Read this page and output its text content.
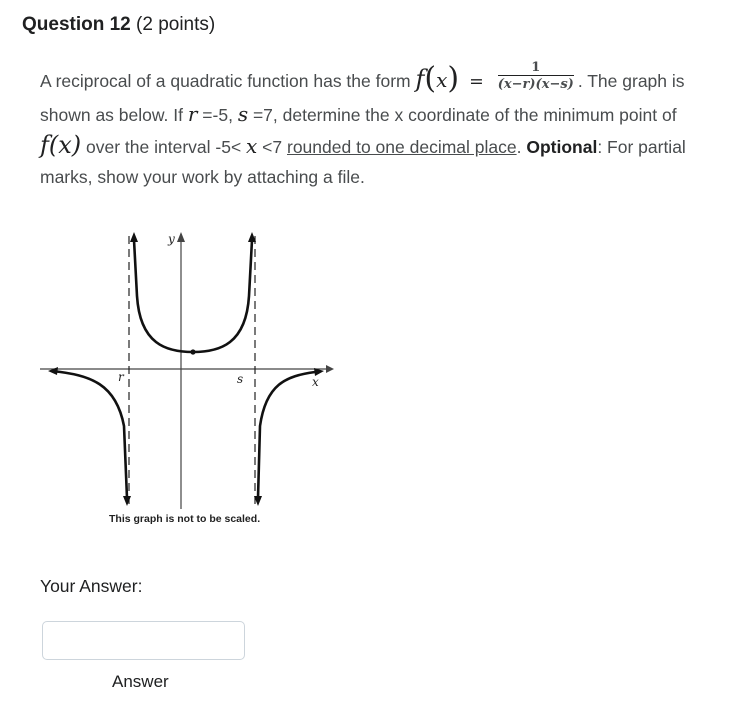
Question 12 (2 points)
A reciprocal of a quadratic function has the form $f(x) = \frac{1}{(x-r)(x-s)}$ . The graph is shown as below. If r =-5, s =7, determine the x coordinate of the minimum point of f(x) over the interval -5< x <7 rounded to one decimal place. Optional: For partial marks, show your work by attaching a file.
y
x
r	s
This graph is not to be scaled.
Your Answer:
Answer
